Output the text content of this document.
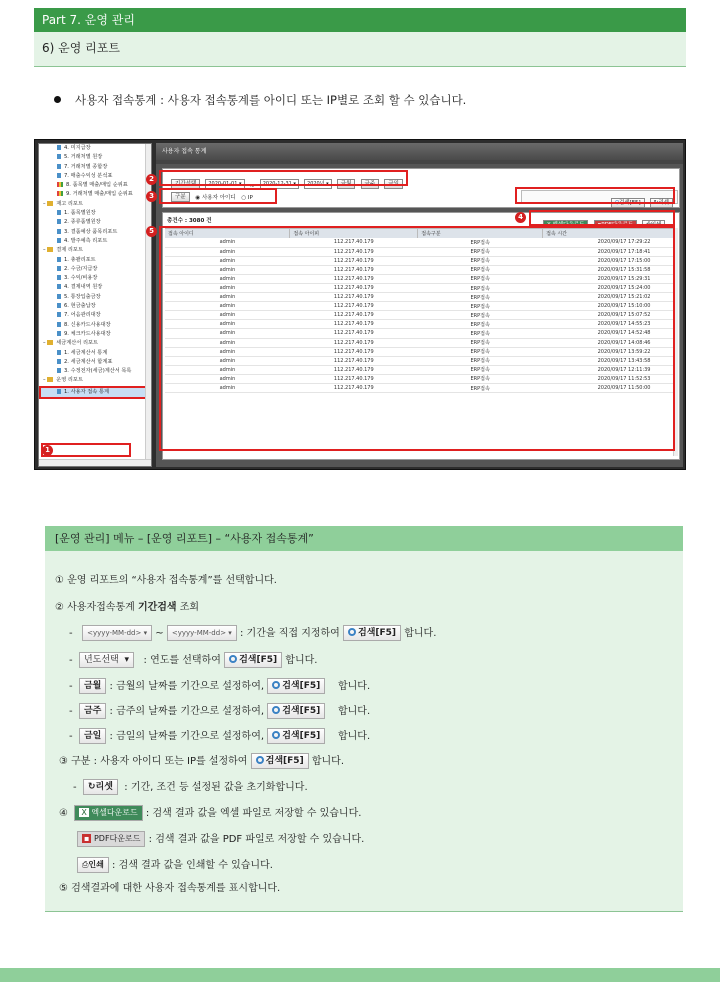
Part 7. 운영 관리
6) 운영 리포트
사용자 접속통계 : 사용자 접속통계를 아이디 또는 IP별로 조회 할 수 있습니다.
4. 미지급장
5. 거래처별 원장
7. 거래처별 종합장
7. 매출수익성 분석표
8. 품목별 매출/매입 순위표
9. 거래처별 매출/매입 순위표
– 재고 리포트
1. 품목별원장
2. 종류품별원장
3. 결품예상 품목리포트
4. 발주예측 리포트
– 결제 리포트
1. 총괄리포트
2. 수금/지급장
3. 수익/비용장
4. 결제내역 원장
5. 통장입출금장
6. 현금출납장
7. 어음관리대장
8. 신용카드사용대장
9. 체크카드사용대장
– 세금계산서 리포트
1. 세금계산서 통계
2. 세금계산서 합계표
3. 수정전자(세금)계산서 목록
– 운영 리포트
1. 사용자 접속 통계
사용자 접속 통계
기간선택 2020-01-01 ▾ ~ 2020-12-31 ▾ 2020년 ▾ 금월 금주 금일
구분 ◉ 사용자 아이디 ○ IP
⚲검색[F5] ↻리셋
총건수 : 3080 건
X 엑셀다운로드 ▪PDF다운로드 ⎙인쇄
접속 아이디	접속 아이피	접속구분	접속 시간
admin	112.217.40.179	ERP접속	2020/09/17 17:29:22
admin	112.217.40.179	ERP접속	2020/09/17 17:18:41
admin	112.217.40.179	ERP접속	2020/09/17 17:15:00
admin	112.217.40.179	ERP접속	2020/09/17 15:31:58
admin	112.217.40.179	ERP접속	2020/09/17 15:29:31
admin	112.217.40.179	ERP접속	2020/09/17 15:24:00
admin	112.217.40.179	ERP접속	2020/09/17 15:21:02
admin	112.217.40.179	ERP접속	2020/09/17 15:10:00
admin	112.217.40.179	ERP접속	2020/09/17 15:07:52
admin	112.217.40.179	ERP접속	2020/09/17 14:55:23
admin	112.217.40.179	ERP접속	2020/09/17 14:52:48
admin	112.217.40.179	ERP접속	2020/09/17 14:08:46
admin	112.217.40.179	ERP접속	2020/09/17 13:59:22
admin	112.217.40.179	ERP접속	2020/09/17 13:43:58
admin	112.217.40.179	ERP접속	2020/09/17 12:11:39
admin	112.217.40.179	ERP접속	2020/09/17 11:52:53
admin	112.217.40.179	ERP접속	2020/09/17 11:50:00
1
2
3
4
5
[운영 관리] 메뉴 – [운영 리포트] – “사용자 접속통계”
① 운영 리포트의 “사용자 접속통계”를 선택합니다.
② 사용자접속통계 기간검색 조회
-   <yyyy-MM-dd> ▾ ~ <yyyy-MM-dd> ▾ : 기간을 직접 지정하여 검색[F5] 합니다.
-  년도선택  ▾   : 연도를 선택하여 검색[F5] 합니다.
-  금월 : 금월의 날짜를 기간으로 설정하여, 검색[F5] 합니다.
-  금주 : 금주의 날짜를 기간으로 설정하여, 검색[F5] 합니다.
-  금일 : 금일의 날짜를 기간으로 설정하여, 검색[F5] 합니다.
③ 구분 : 사용자 아이디 또는 IP를 설정하여 검색[F5] 합니다.
-  ↻리셋  : 기간, 조건 등 설정된 값을 초기화합니다.
④ X 엑셀다운로드 : 검색 결과 값을 엑셀 파일로 저장할 수 있습니다.
▪ PDF다운로드 : 검색 결과 값을 PDF 파일로 저장할 수 있습니다.
⎙인쇄 : 검색 결과 값을 인쇄할 수 있습니다.
⑤ 검색결과에 대한 사용자 접속통계를 표시합니다.
